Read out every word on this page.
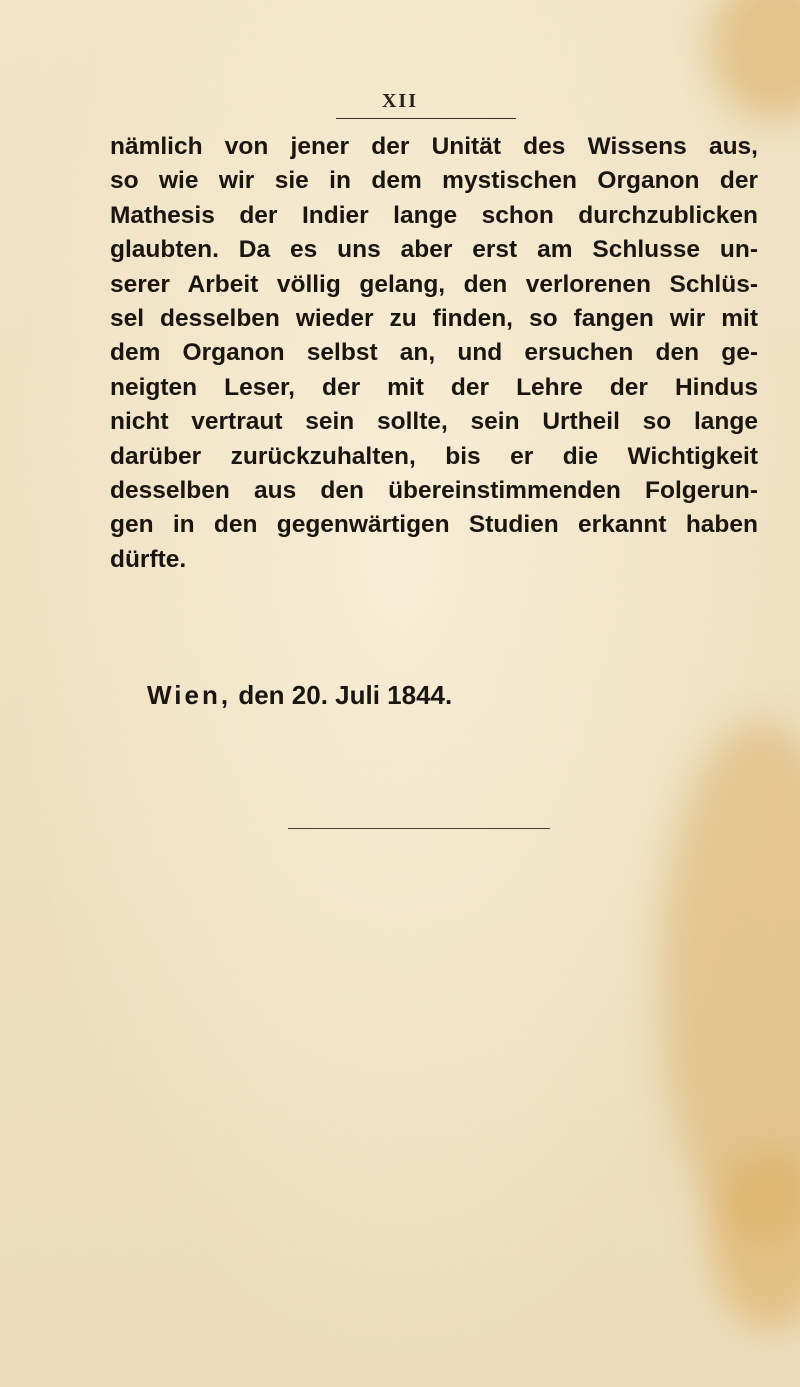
XII
nämlich von jener der Unität des Wissens aus,
so wie wir sie in dem mystischen Organon der
Mathesis der Indier lange schon durchzublicken
glaubten. Da es uns aber erst am Schlusse un-
serer Arbeit völlig gelang, den verlorenen Schlüs-
sel desselben wieder zu finden, so fangen wir mit
dem Organon selbst an, und ersuchen den ge-
neigten Leser, der mit der Lehre der Hindus
nicht vertraut sein sollte, sein Urtheil so lange
darüber zurückzuhalten, bis er die Wichtigkeit
desselben aus den übereinstimmenden Folgerun-
gen in den gegenwärtigen Studien erkannt haben
dürfte.
Wien, den 20. Juli 1844.
